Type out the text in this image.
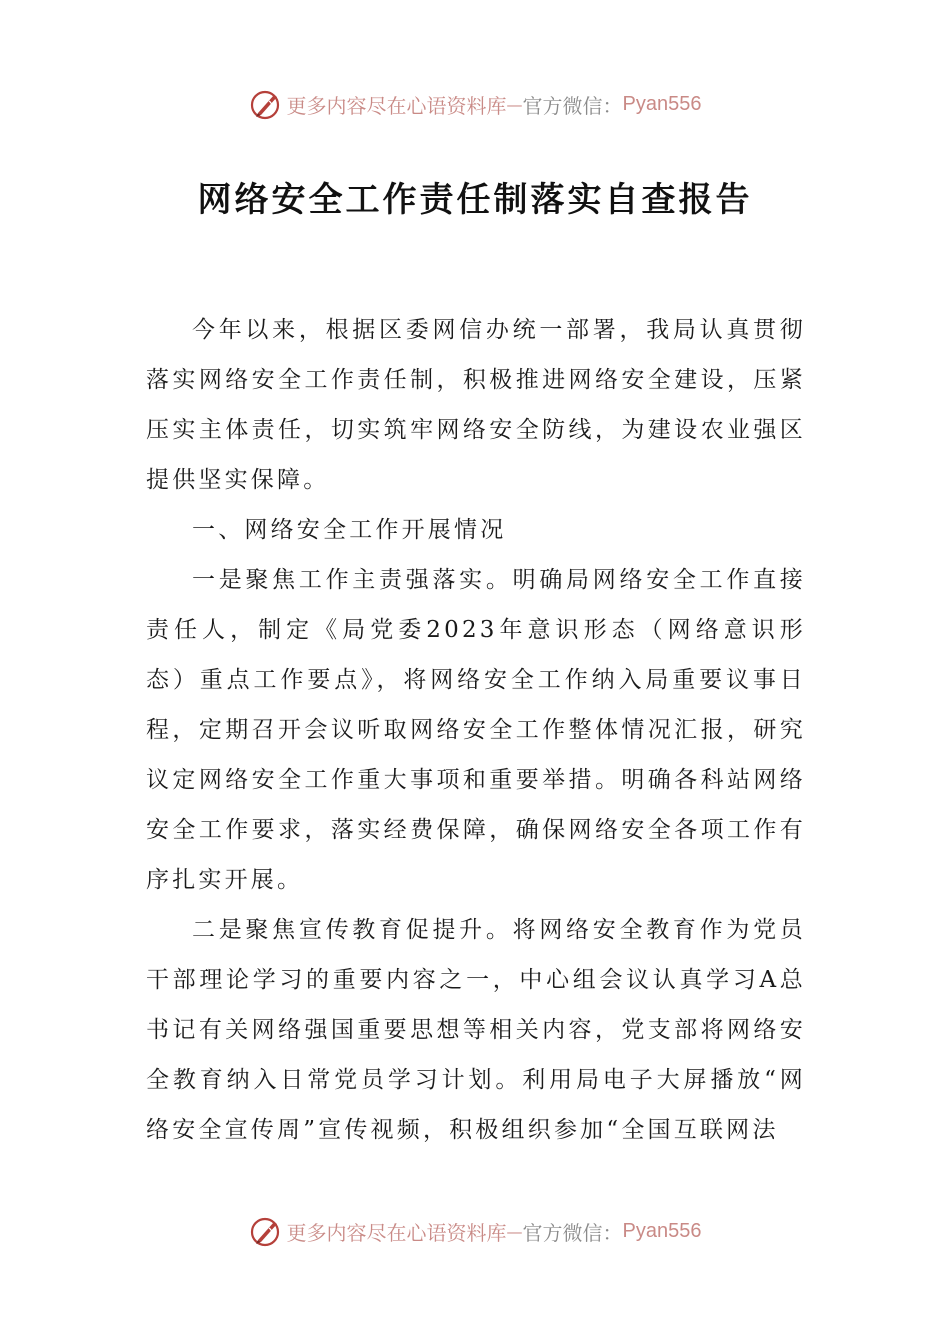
更多内容尽在心语资料库 — 官方微信： Pyan556
网络安全工作责任制落实自查报告

今年以来，根据区委网信办统一部署，我局认真贯彻落实网络安全工作责任制，积极推进网络安全建设，压紧压实主体责任，切实筑牢网络安全防线，为建设农业强区提供坚实保障。

一、网络安全工作开展情况

一是聚焦工作主责强落实。明确局网络安全工作直接责任人，制定《局党委2023年意识形态（网络意识形态）重点工作要点》，将网络安全工作纳入局重要议事日程，定期召开会议听取网络安全工作整体情况汇报，研究议定网络安全工作重大事项和重要举措。明确各科站网络安全工作要求，落实经费保障，确保网络安全各项工作有序扎实开展。

二是聚焦宣传教育促提升。将网络安全教育作为党员干部理论学习的重要内容之一，中心组会议认真学习A总书记有关网络强国重要思想等相关内容，党支部将网络安全教育纳入日常党员学习计划。利用局电子大屏播放“网络安全宣传周”宣传视频，积极组织参加“全国互联网法

更多内容尽在心语资料库 — 官方微信： Pyan556
